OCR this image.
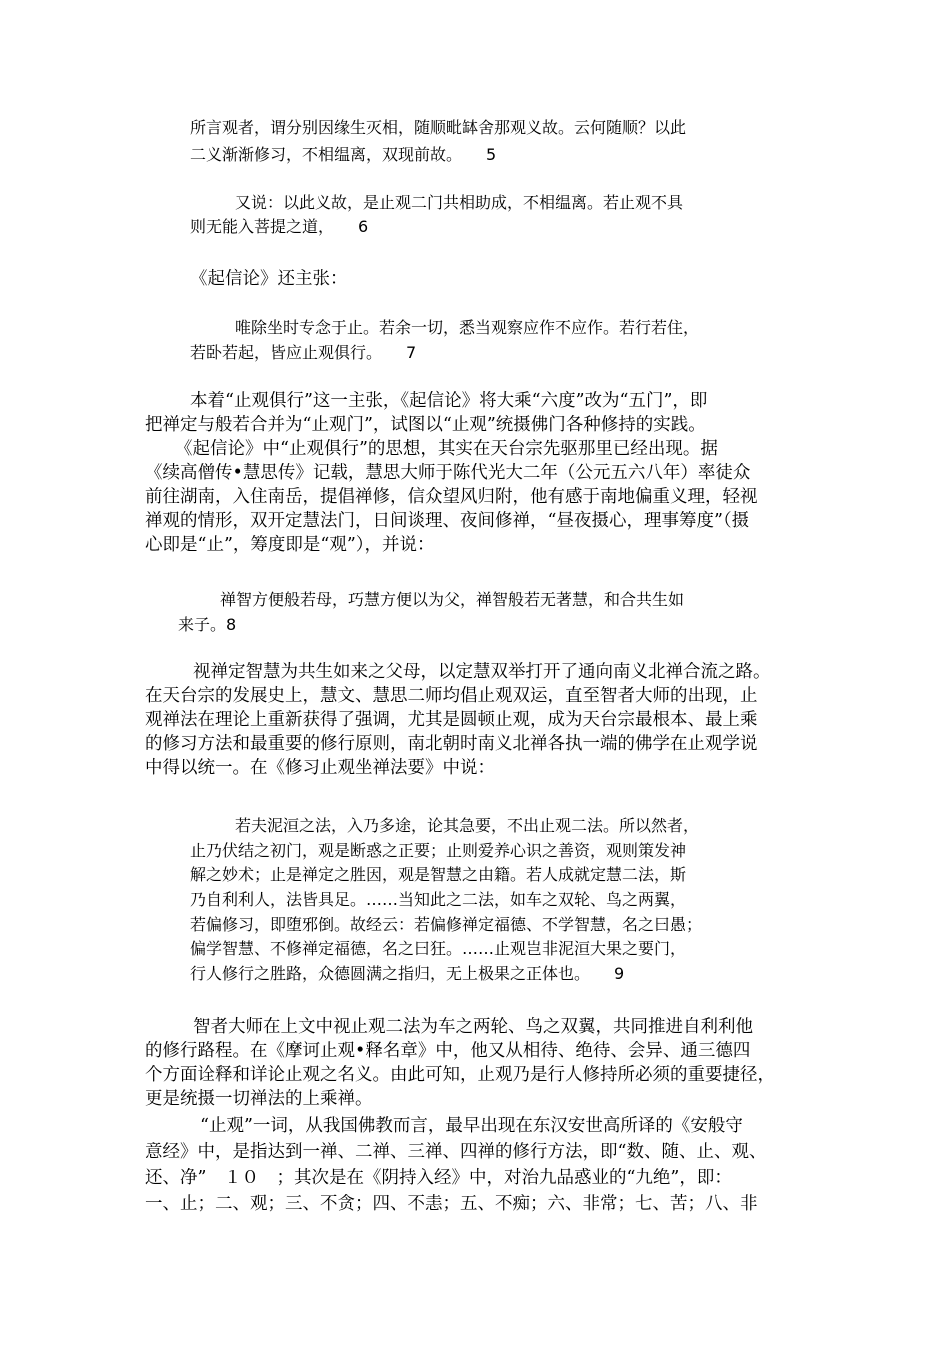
所言观者，谓分别因缘生灭相，随顺毗缽舍那观义故。云何随顺？以此
二义渐渐修习，不相缊离，双现前故。　　5
又说：以此义故，是止观二门共相助成，不相缊离。若止观不具
则无能入菩提之道，　　6
《起信论》还主张：
唯除坐时专念于止。若余一切，悉当观察应作不应作。若行若住，
若卧若起，皆应止观俱行。　　7
本着“止观俱行”这一主张，《起信论》将大乘“六度”改为“五门”，即
把禅定与般若合并为“止观门”，试图以“止观”统摄佛门各种修持的实践。
《起信论》中“止观俱行”的思想，其实在天台宗先驱那里已经出现。据
《续高僧传•慧思传》记载，慧思大师于陈代光大二年（公元五六八年）率徒众
前往湖南，入住南岳，提倡禅修，信众望风归附，他有感于南地偏重义理，轻视
禅观的情形，双开定慧法门，日间谈理、夜间修禅，“昼夜摄心，理事筹度”（摄
心即是“止”，筹度即是“观”），并说：
禅智方便般若母，巧慧方便以为父，禅智般若无著慧，和合共生如
来子。8
视禅定智慧为共生如来之父母，以定慧双举打开了通向南义北禅合流之路。
在天台宗的发展史上，慧文、慧思二师均倡止观双运，直至智者大师的出现，止
观禅法在理论上重新获得了强调，尤其是圆顿止观，成为天台宗最根本、最上乘
的修习方法和最重要的修行原则，南北朝时南义北禅各执一端的佛学在止观学说
中得以统一。在《修习止观坐禅法要》中说：
若夫泥洹之法，入乃多途，论其急要，不出止观二法。所以然者，
止乃伏结之初门，观是断惑之正要；止则爱养心识之善资，观则策发神
解之妙术；止是禅定之胜因，观是智慧之由籍。若人成就定慧二法，斯
乃自利利人，法皆具足。……当知此之二法，如车之双轮、鸟之两翼，
若偏修习，即堕邪倒。故经云：若偏修禅定福德、不学智慧，名之曰愚；
偏学智慧、不修禅定福德，名之曰狂。……止观岂非泥洹大果之要门，
行人修行之胜路，众德圆满之指归，无上极果之正体也。　　9
智者大师在上文中视止观二法为车之两轮、鸟之双翼，共同推进自利利他
的修行路程。在《摩诃止观•释名章》中，他又从相待、绝待、会异、通三德四
个方面诠释和详论止观之名义。由此可知，止观乃是行人修持所必须的重要捷径，
更是统摄一切禅法的上乘禅。
“止观”一词，从我国佛教而言，最早出现在东汉安世高所译的《安般守
意经》中，是指达到一禅、二禅、三禅、四禅的修行方法，即“数、随、止、观、
还、净”　１０　；其次是在《阴持入经》中，对治九品惑业的“九绝”，即：
一、止；二、观；三、不贪；四、不恚；五、不痴；六、非常；七、苦；八、非
